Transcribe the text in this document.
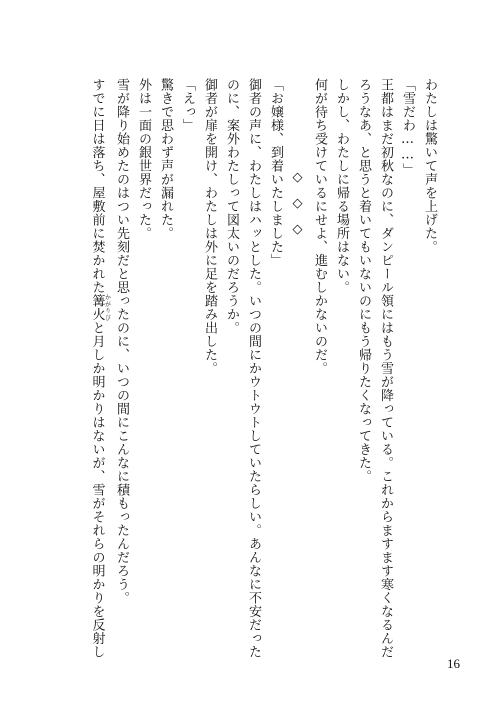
わたしは驚いて声を上げた。
「雪だわ……」
王都はまだ初秋なのに、ダンピール領にはもう雪が降っている。これからますます寒くなるんだ
ろうなあ、と思うと着いてもいないのにもう帰りたくなってきた。
しかし、わたしに帰る場所はない。
何が待ち受けているにせよ、進むしかないのだ。
◇◇◇
「お嬢様、到着いたしました」
御者の声に、わたしはハッとした。いつの間にかウトウトしていたらしい。あんなに不安だった
のに、案外わたしって図太いのだろうか。
御者が扉を開け、わたしは外に足を踏み出した。
「えっ」
驚きで思わず声が漏れた。
外は一面の銀世界だった。
雪が降り始めたのはつい先刻だと思ったのに、いつの間にこんなに積もったんだろう。
すでに日は落ち、屋敷前に焚かれた篝火 かがりびと月しか明かりはないが、雪がそれらの明かりを反射し
16
